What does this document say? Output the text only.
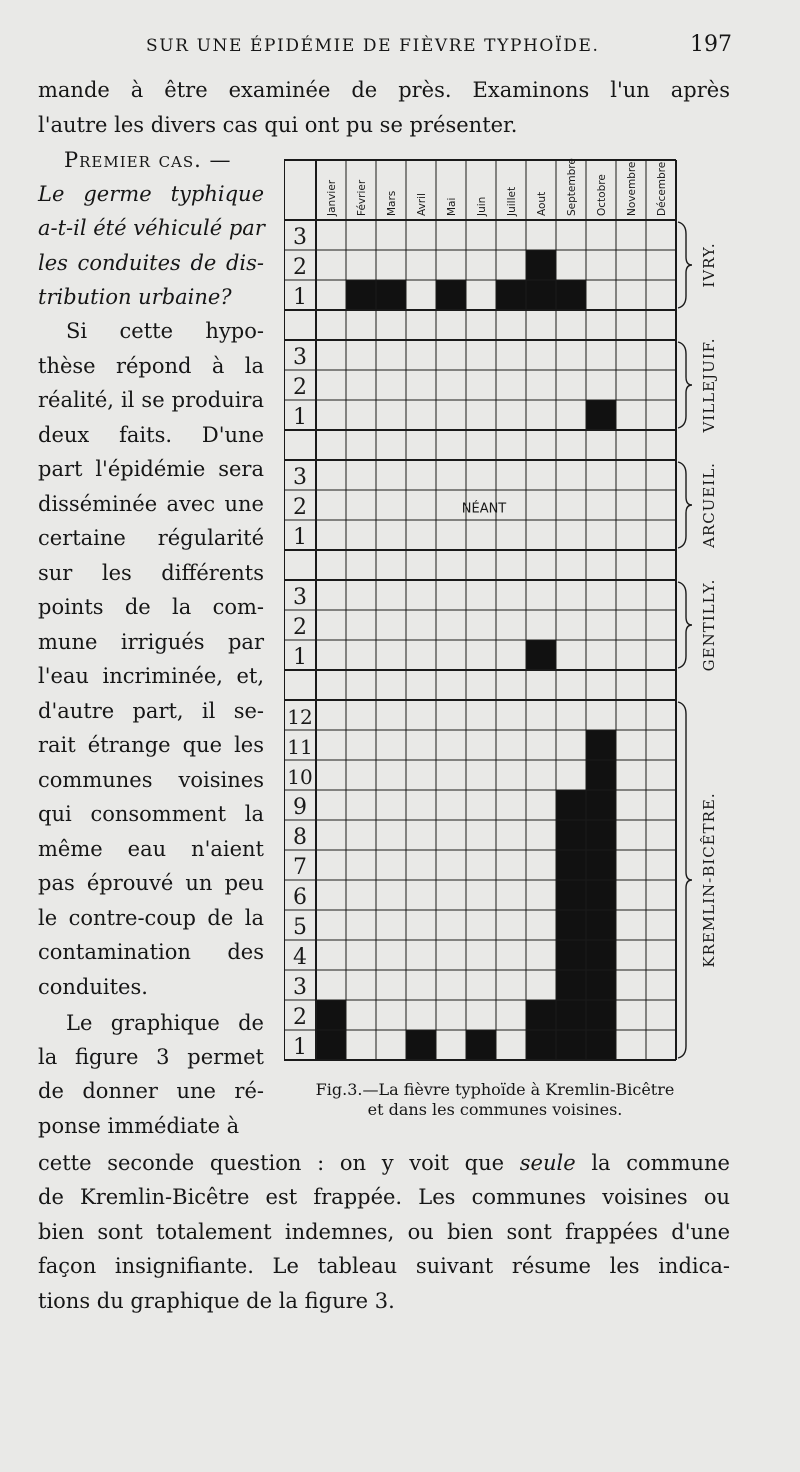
SUR UNE ÉPIDÉMIE DE FIÈVRE TYPHOÏDE.	197
mande à être examinée de près. Examinons l'un après
l'autre les divers cas qui ont pu se présenter.
Premier cas. —
Le germe typhique
a-t-il été véhiculé par
les conduites de dis-
tribution urbaine?
Si cette hypo-
thèse répond à la
réalité, il se produira
deux faits. D'une
part l'épidémie sera
disséminée avec une
certaine régularité
sur les différents
points de la com-
mune irrigués par
l'eau incriminée, et,
d'autre part, il se-
rait étrange que les
communes voisines
qui consomment la
même eau n'aient
pas éprouvé un peu
le contre-coup de la
contamination des
conduites.
Le graphique de
la figure 3 permet
de donner une ré-
ponse immédiate à
cette seconde question : on y voit que seule la commune
de Kremlin-Bicêtre est frappée. Les communes voisines ou
bien sont totalement indemnes, ou bien sont frappées d'une
façon insignifiante. Le tableau suivant résume les indica-
tions du graphique de la figure 3.
Janvier Février Mars Avril Mai Juin Juillet Aout Septembre Octobre Novembre Décembre
3
2
1
3
2
1
3
2
1
NÉANT
3
2
1
12
11
10
9
8
7
6
5
4
3
2
1
IVRY.
VILLEJUIF.
ARCUEIL.
GENTILLY.
KREMLIN-BICÊTRE.
Fig.3.—La fièvre typhoïde à Kremlin-Bicêtre
et dans les communes voisines.
